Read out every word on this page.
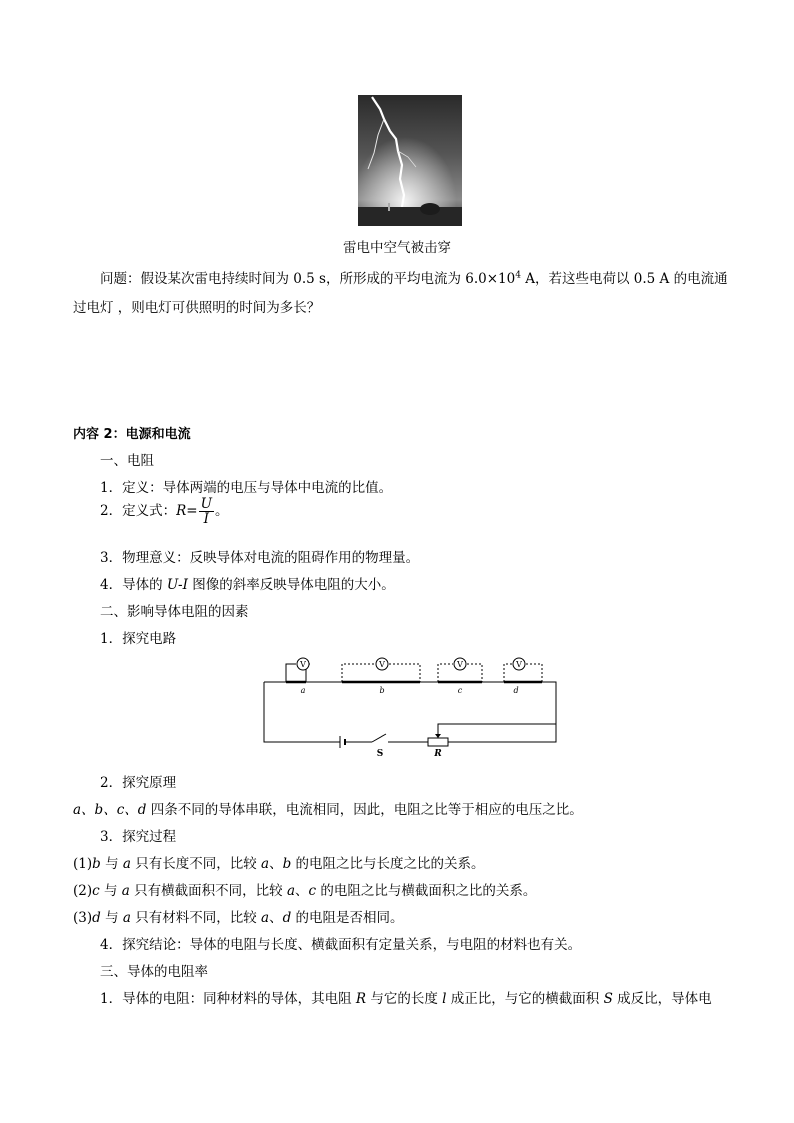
雷电中空气被击穿
问题：假设某次雷电持续时间为 0.5 s，所形成的平均电流为 $6.0\times 10^4$ A，若这些电荷以 0.5 A 的电流通
过电灯 ，则电灯可供照明的时间为多长？
内容 2：电源和电流
一、电阻
1．定义：导体两端的电压与导体中电流的比值。
2．定义式：$R= \frac{U}{I}$ 。
3．物理意义：反映导体对电流的阻碍作用的物理量。
4．导体的 U-I 图像的斜率反映导体电阻的大小。
二、影响导体电阻的因素
1．探究电路
S	R
a	b	c	d
V	V	V	V
2．探究原理
a、b、c、d 四条不同的导体串联，电流相同，因此，电阻之比等于相应的电压之比。
3．探究过程
(1)b 与 a 只有长度不同，比较 a、b 的电阻之比与长度之比的关系。
(2)c 与 a 只有横截面积不同，比较 a、c 的电阻之比与横截面积之比的关系。
(3)d 与 a 只有材料不同，比较 a、d 的电阻是否相同。
4．探究结论：导体的电阻与长度、横截面积有定量关系，与电阻的材料也有关。
三、导体的电阻率
1．导体的电阻：同种材料的导体，其电阻 R 与它的长度 l 成正比，与它的横截面积 S 成反比，导体电
